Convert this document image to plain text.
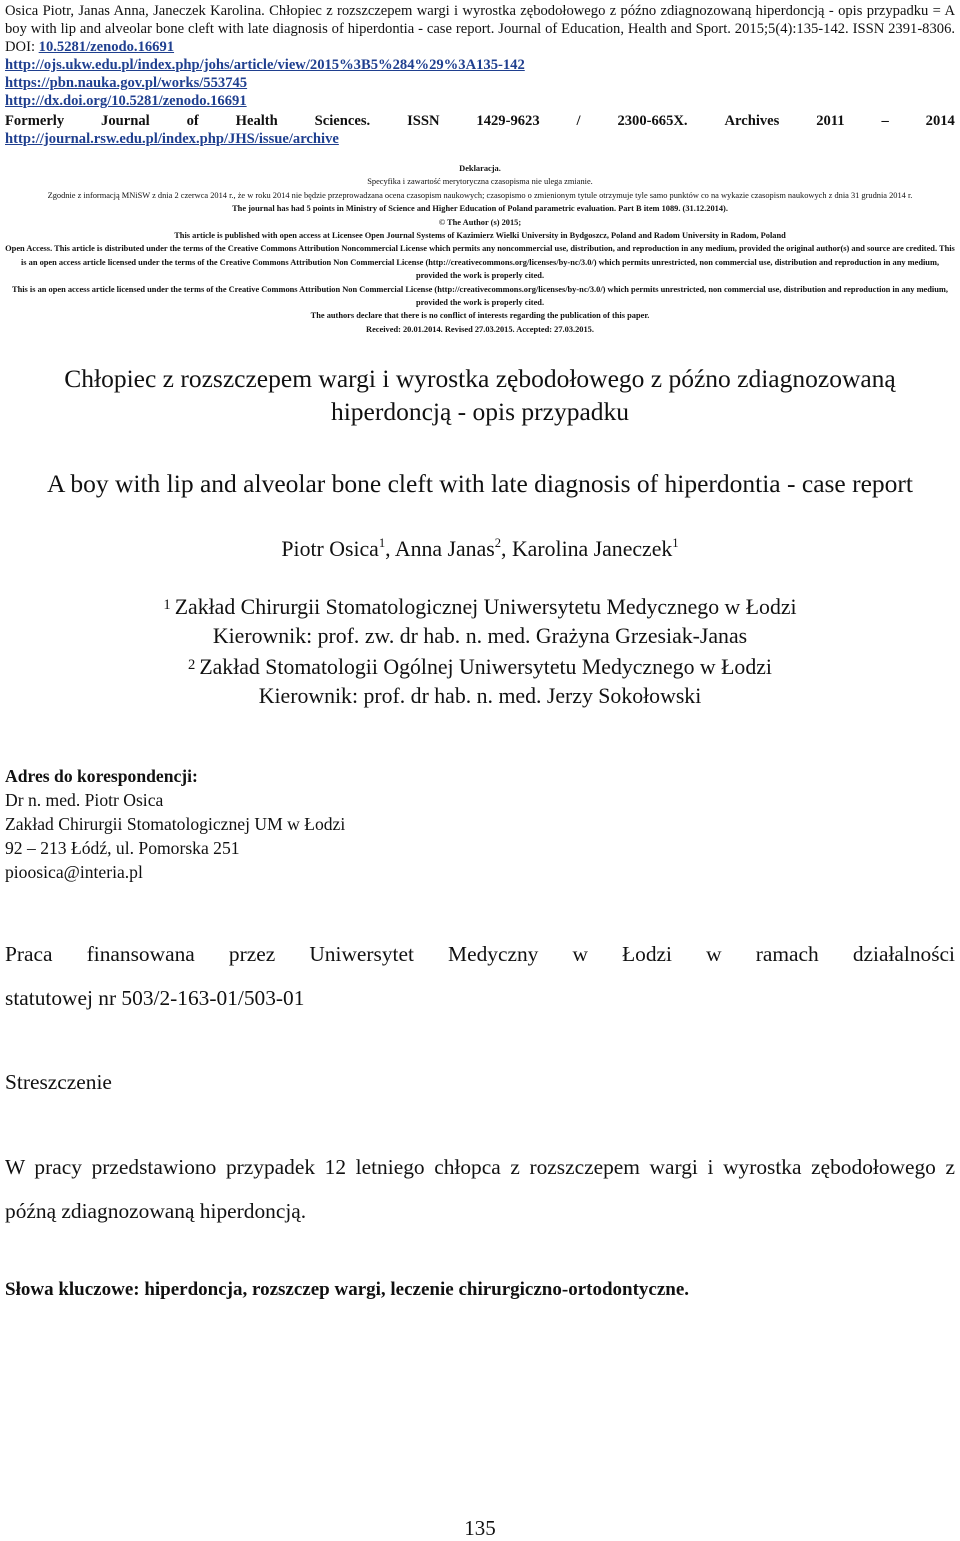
Osica Piotr, Janas Anna, Janeczek Karolina. Chłopiec z rozszczepem wargi i wyrostka zębodołowego z późno zdiagnozowaną hiperdoncją - opis przypadku = A boy with lip and alveolar bone cleft with late diagnosis of hiperdontia - case report. Journal of Education, Health and Sport. 2015;5(4):135-142. ISSN 2391-8306. DOI: 10.5281/zenodo.16691
http://ojs.ukw.edu.pl/index.php/johs/article/view/2015%3B5%284%29%3A135-142
https://pbn.nauka.gov.pl/works/553745
http://dx.doi.org/10.5281/zenodo.16691
Formerly	Journal	of	Health	Sciences.	ISSN	1429-9623	/	2300-665X.	Archives	2011	–	2014
http://journal.rsw.edu.pl/index.php/JHS/issue/archive
Deklaracja.
Specyfika i zawartość merytoryczna czasopisma nie ulega zmianie.
Zgodnie z informacją MNiSW z dnia 2 czerwca 2014 r., że w roku 2014 nie będzie przeprowadzana ocena czasopism naukowych; czasopismo o zmienionym tytule otrzymuje tyle samo punktów co na wykazie czasopism naukowych z dnia 31 grudnia 2014 r.
The journal has had 5 points in Ministry of Science and Higher Education of Poland parametric evaluation. Part B item 1089. (31.12.2014).
© The Author (s) 2015;
This article is published with open access at Licensee Open Journal Systems of Kazimierz Wielki University in Bydgoszcz, Poland and Radom University in Radom, Poland
Open Access. This article is distributed under the terms of the Creative Commons Attribution Noncommercial License which permits any noncommercial use, distribution, and reproduction in any medium, provided the original author(s) and source are credited. This is an open access article licensed under the terms of the Creative Commons Attribution Non Commercial License (http://creativecommons.org/licenses/by-nc/3.0/) which permits unrestricted, non commercial use, distribution and reproduction in any medium, provided the work is properly cited.
This is an open access article licensed under the terms of the Creative Commons Attribution Non Commercial License (http://creativecommons.org/licenses/by-nc/3.0/) which permits unrestricted, non commercial use, distribution and reproduction in any medium, provided the work is properly cited.
The authors declare that there is no conflict of interests regarding the publication of this paper.
Received: 20.01.2014. Revised 27.03.2015. Accepted: 27.03.2015.
Chłopiec z rozszczepem wargi i wyrostka zębodołowego z późno zdiagnozowaną hiperdoncją - opis przypadku
A boy with lip and alveolar bone cleft with late diagnosis of hiperdontia - case report
Piotr Osica$^1$, Anna Janas$^2$, Karolina Janeczek$^1$
$^1$ Zakład Chirurgii Stomatologicznej Uniwersytetu Medycznego w Łodzi
Kierownik: prof. zw. dr hab. n. med. Grażyna Grzesiak-Janas
$^2$ Zakład Stomatologii Ogólnej Uniwersytetu Medycznego w Łodzi
Kierownik: prof. dr hab. n. med. Jerzy Sokołowski
Adres do korespondencji:
Dr n. med. Piotr Osica
Zakład Chirurgii Stomatologicznej UM w Łodzi
92 – 213 Łódź, ul. Pomorska 251
pioosica@interia.pl
Praca finansowana przez Uniwersytet Medyczny w Łodzi w ramach działalności
statutowej nr 503/2-163-01/503-01
Streszczenie
W pracy przedstawiono przypadek 12 letniego chłopca z rozszczepem wargi i wyrostka zębodołowego z późną zdiagnozowaną hiperdoncją.
Słowa kluczowe: hiperdoncja, rozszczep wargi, leczenie chirurgiczno-ortodontyczne.
135
